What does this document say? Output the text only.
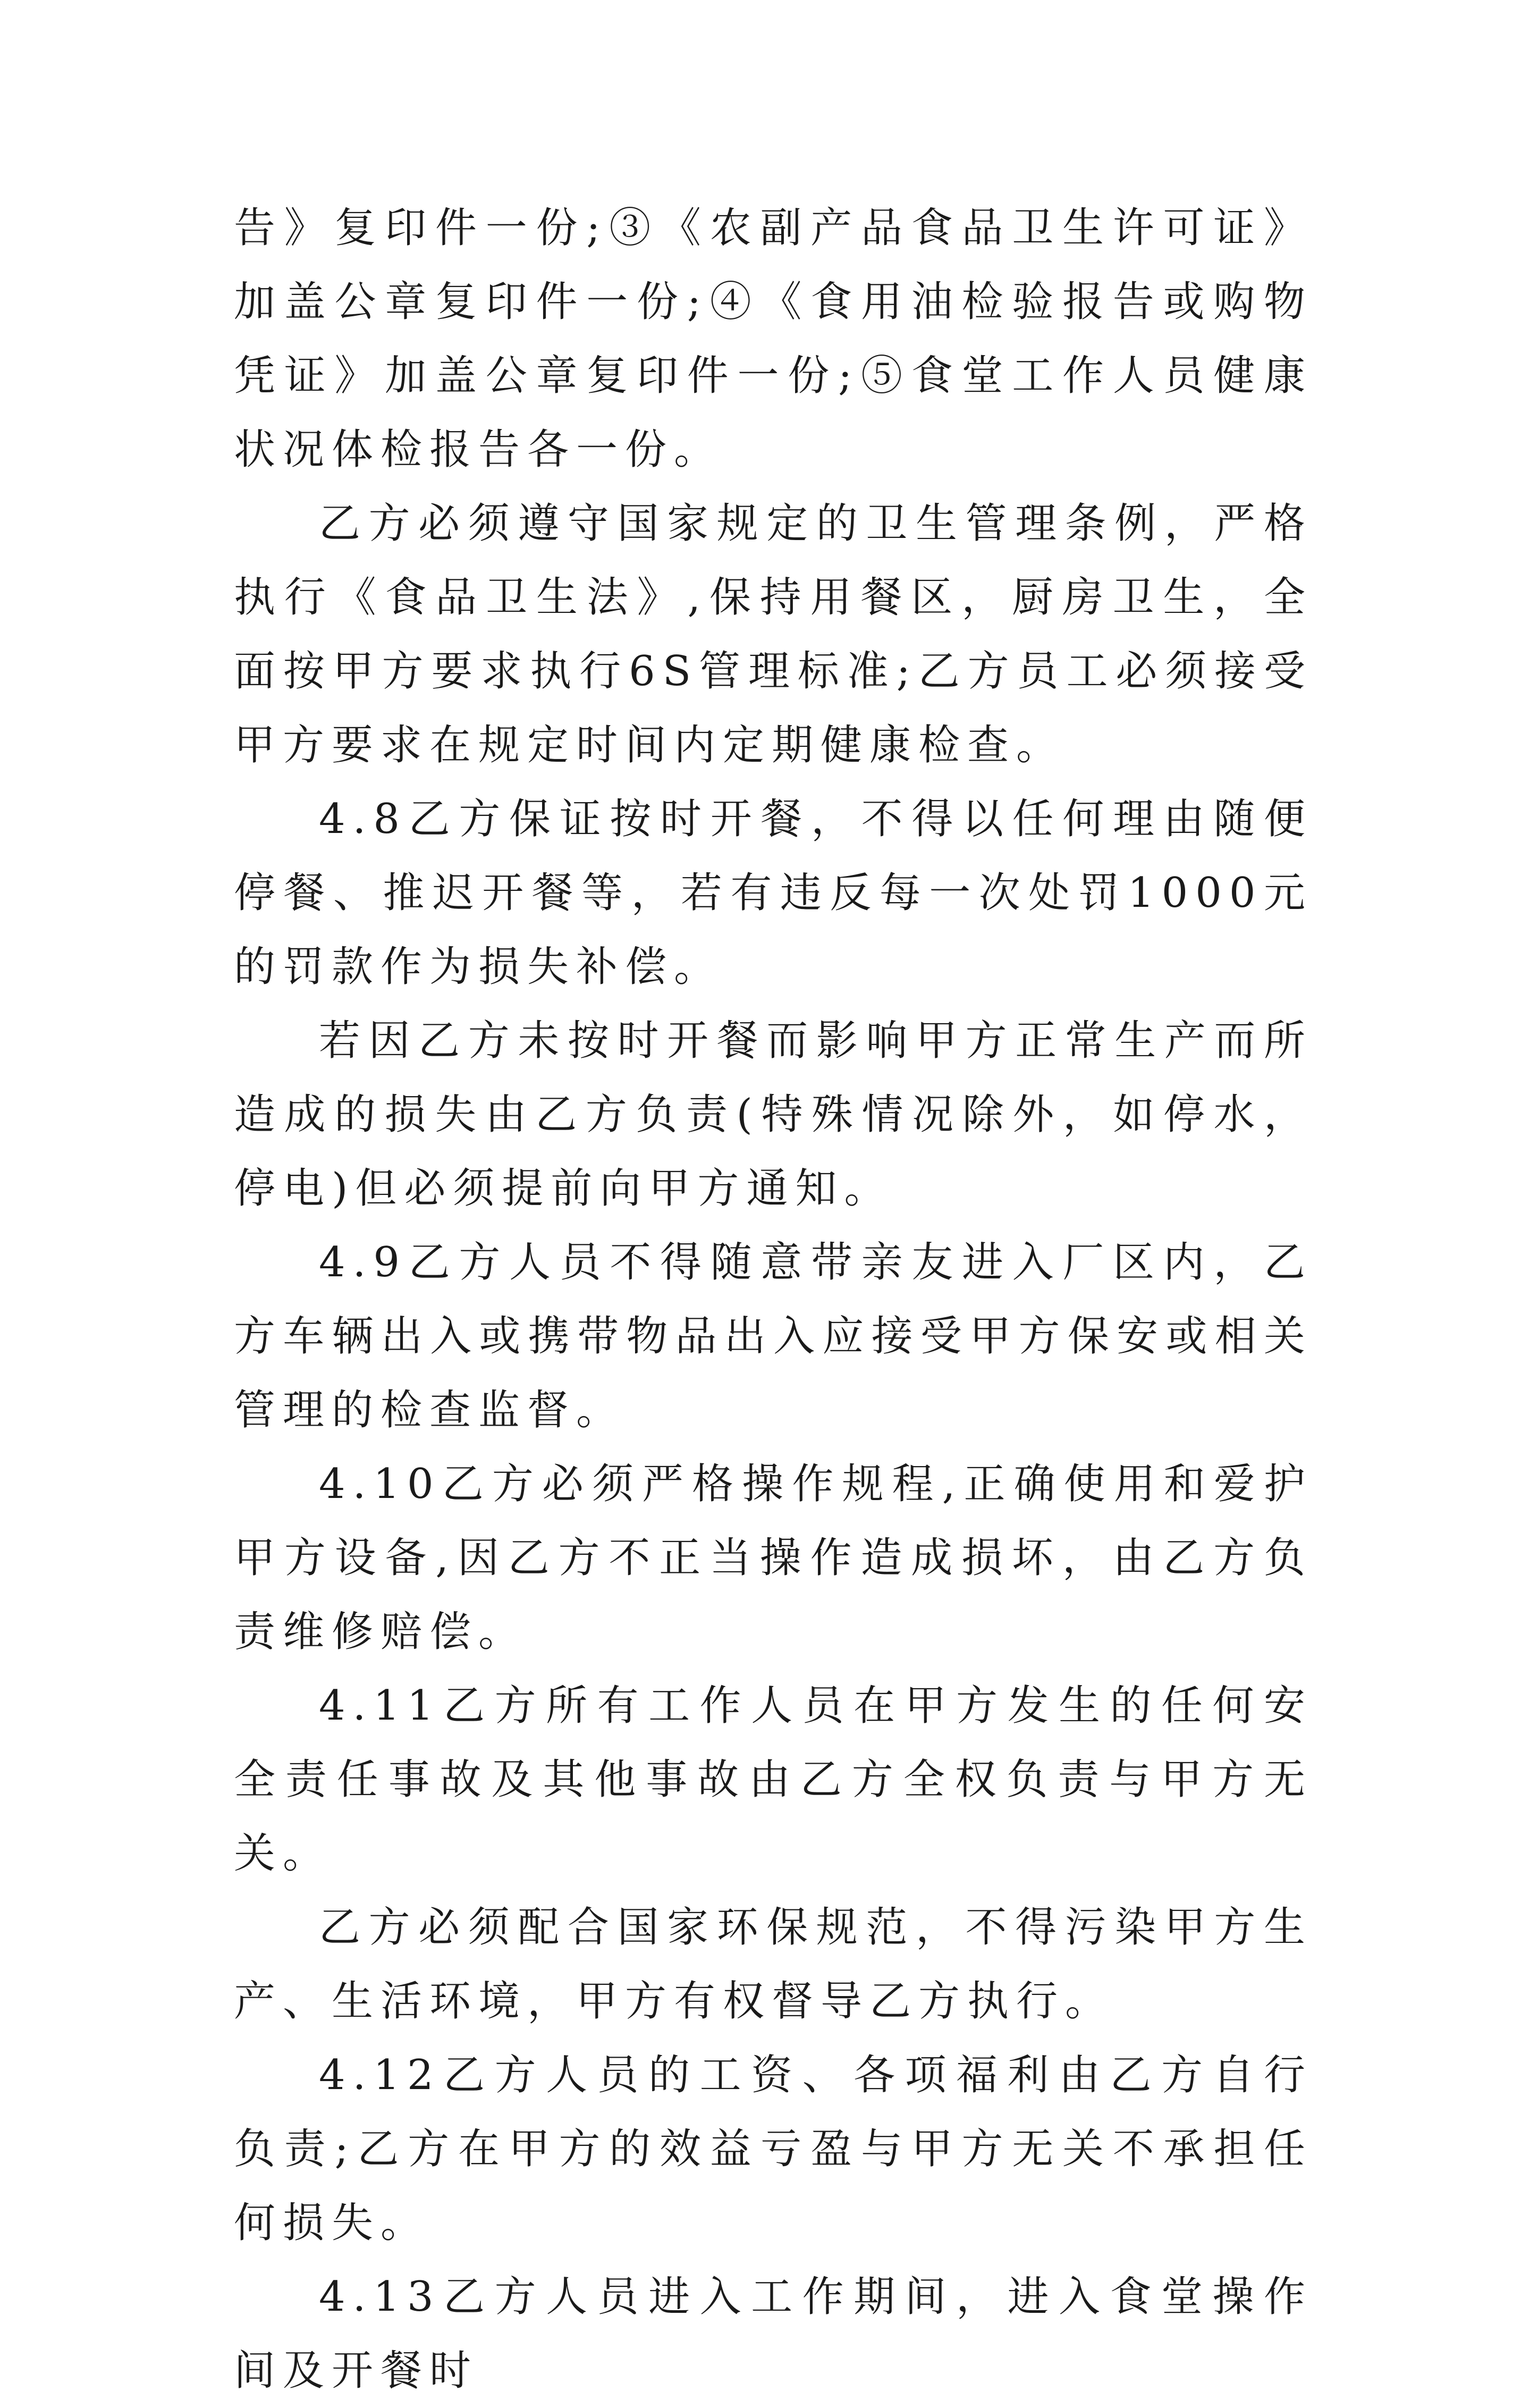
告》复印件一份;③《农副产品食品卫生许可证》加盖公章复印件一份;④《食用油检验报告或购物凭证》加盖公章复印件一份;⑤食堂工作人员健康状况体检报告各一份。

乙方必须遵守国家规定的卫生管理条例，严格执行《食品卫生法》,保持用餐区，厨房卫生，全面按甲方要求执行6S管理标准;乙方员工必须接受甲方要求在规定时间内定期健康检查。

4.8乙方保证按时开餐，不得以任何理由随便停餐、推迟开餐等，若有违反每一次处罚1000元的罚款作为损失补偿。

若因乙方未按时开餐而影响甲方正常生产而所造成的损失由乙方负责(特殊情况除外，如停水，停电)但必须提前向甲方通知。

4.9乙方人员不得随意带亲友进入厂区内，乙方车辆出入或携带物品出入应接受甲方保安或相关管理的检查监督。

4.10乙方必须严格操作规程,正确使用和爱护甲方设备,因乙方不正当操作造成损坏，由乙方负责维修赔偿。

4.11乙方所有工作人员在甲方发生的任何安全责任事故及其他事故由乙方全权负责与甲方无关。

乙方必须配合国家环保规范，不得污染甲方生产、生活环境，甲方有权督导乙方执行。

4.12乙方人员的工资、各项福利由乙方自行负责;乙方在甲方的效益亏盈与甲方无关不承担任何损失。

4.13乙方人员进入工作期间，进入食堂操作间及开餐时
